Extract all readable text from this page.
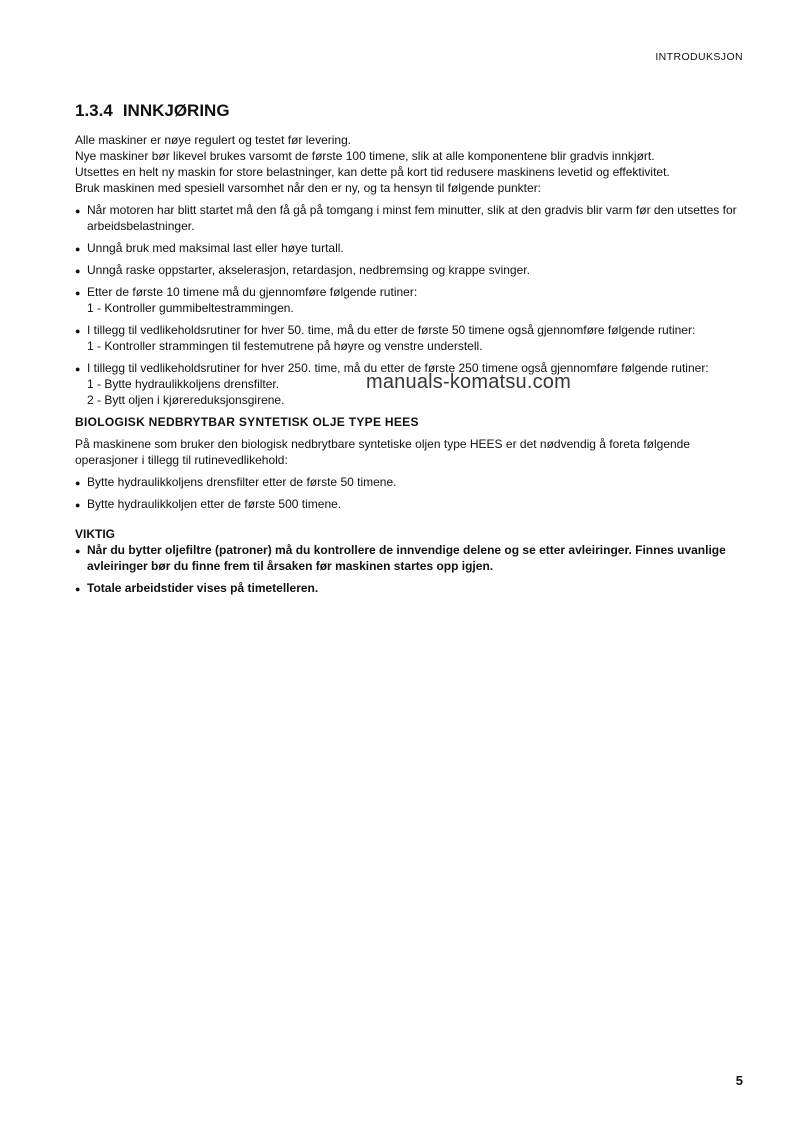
INTRODUKSJON
1.3.4 INNKJØRING

Alle maskiner er nøye regulert og testet før levering.

Nye maskiner bør likevel brukes varsomt de første 100 timene, slik at alle komponentene blir gradvis innkjørt.

Utsettes en helt ny maskin for store belastninger, kan dette på kort tid redusere maskinens levetid og effektivitet.

Bruk maskinen med spesiell varsomhet når den er ny, og ta hensyn til følgende punkter:

● Når motoren har blitt startet må den få gå på tomgang i minst fem minutter, slik at den gradvis blir varm før den utsettes for arbeidsbelastninger.
● Unngå bruk med maksimal last eller høye turtall.
● Unngå raske oppstarter, akselerasjon, retardasjon, nedbremsing og krappe svinger.
● Etter de første 10 timene må du gjennomføre følgende rutiner:
1 - Kontroller gummibeltestrammingen.
● I tillegg til vedlikeholdsrutiner for hver 50. time, må du etter de første 50 timene også gjennomføre følgende rutiner:
1 - Kontroller strammingen til festemutrene på høyre og venstre understell.
● I tillegg til vedlikeholdsrutiner for hver 250. time, må du etter de første 250 timene også gjennomføre følgende rutiner:
1 - Bytte hydraulikkoljens drensfilter.
2 - Bytt oljen i kjørereduksjonsgirene.
BIOLOGISK NEDBRYTBAR SYNTETISK OLJE TYPE HEES

På maskinene som bruker den biologisk nedbrytbare syntetiske oljen type HEES er det nødvendig å foreta følgende operasjoner i tillegg til rutinevedlikehold:

● Bytte hydraulikkoljens drensfilter etter de første 50 timene.
● Bytte hydraulikkoljen etter de første 500 timene.
VIKTIG
● Når du bytter oljefiltre (patroner) må du kontrollere de innvendige delene og se etter avleiringer. Finnes uvanlige avleiringer bør du finne frem til årsaken før maskinen startes opp igjen.
● Totale arbeidstider vises på timetelleren.
manuals-komatsu.com
5
